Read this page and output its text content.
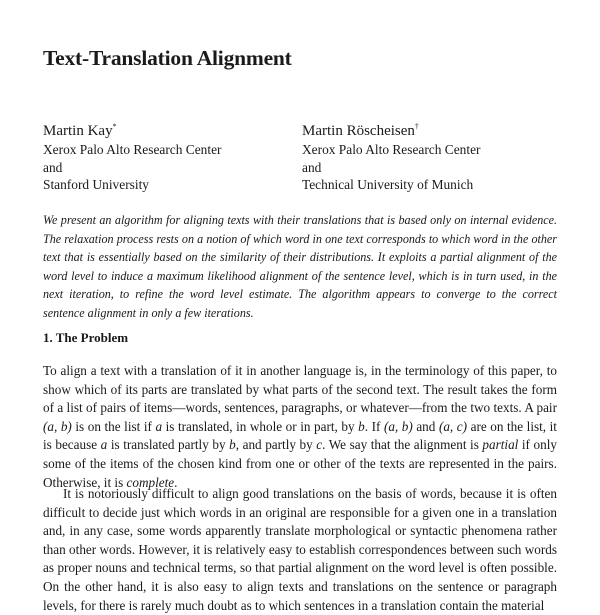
Text-Translation Alignment
Martin Kay*
Xerox Palo Alto Research Center
and
Stanford University
Martin Röscheisen†
Xerox Palo Alto Research Center
and
Technical University of Munich
We present an algorithm for aligning texts with their translations that is based only on internal evidence. The relaxation process rests on a notion of which word in one text corresponds to which word in the other text that is essentially based on the similarity of their distributions. It exploits a partial alignment of the word level to induce a maximum likelihood alignment of the sentence level, which is in turn used, in the next iteration, to refine the word level estimate. The algorithm appears to converge to the correct sentence alignment in only a few iterations.
1. The Problem
To align a text with a translation of it in another language is, in the terminology of this paper, to show which of its parts are translated by what parts of the second text. The result takes the form of a list of pairs of items—words, sentences, paragraphs, or whatever—from the two texts. A pair (a, b) is on the list if a is translated, in whole or in part, by b. If (a, b) and (a, c) are on the list, it is because a is translated partly by b, and partly by c. We say that the alignment is partial if only some of the items of the chosen kind from one or other of the texts are represented in the pairs. Otherwise, it is complete.
It is notoriously difficult to align good translations on the basis of words, because it is often difficult to decide just which words in an original are responsible for a given one in a translation and, in any case, some words apparently translate morphological or syntactic phenomena rather than other words. However, it is relatively easy to establish correspondences between such words as proper nouns and technical terms, so that partial alignment on the word level is often possible. On the other hand, it is also easy to align texts and translations on the sentence or paragraph levels, for there is rarely much doubt as to which sentences in a translation contain the material
